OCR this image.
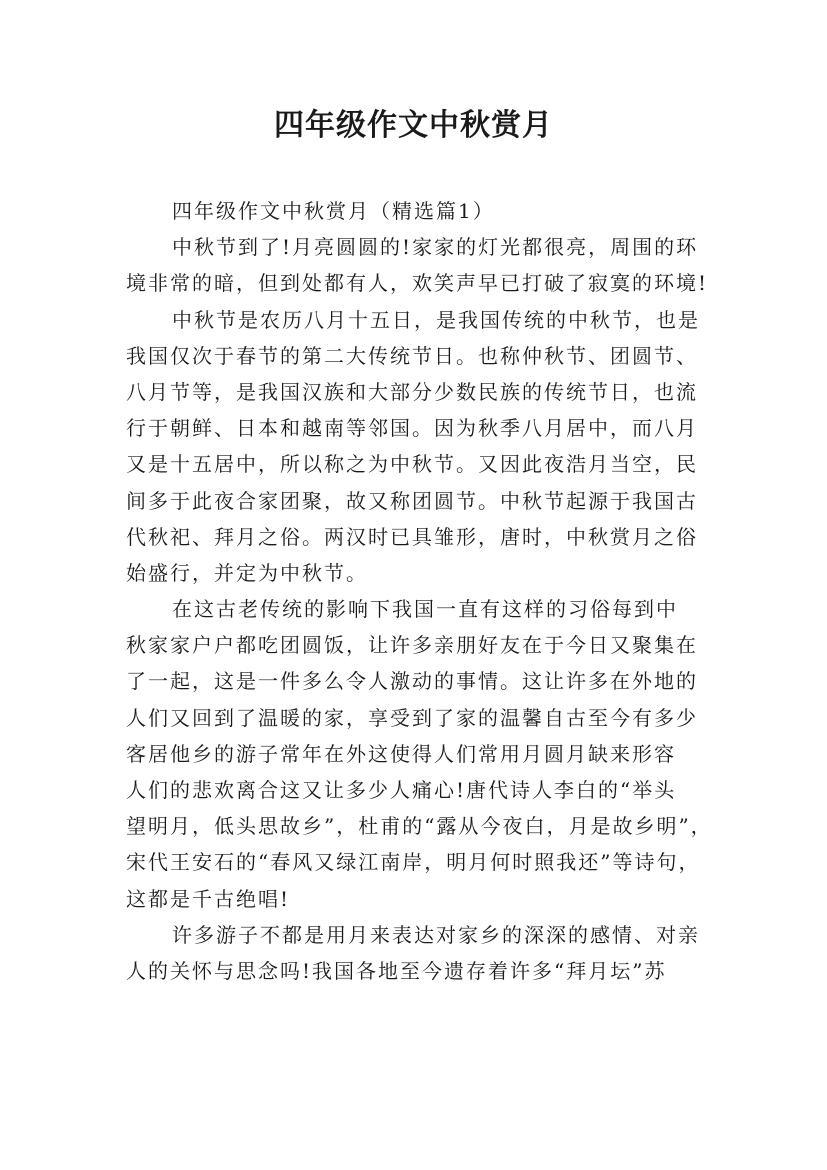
四年级作文中秋赏月
四年级作文中秋赏月（精选篇1）
中秋节到了!月亮圆圆的!家家的灯光都很亮，周围的环
境非常的暗，但到处都有人，欢笑声早已打破了寂寞的环境!
中秋节是农历八月十五日，是我国传统的中秋节，也是
我国仅次于春节的第二大传统节日。也称仲秋节、团圆节、
八月节等，是我国汉族和大部分少数民族的传统节日，也流
行于朝鲜、日本和越南等邻国。因为秋季八月居中，而八月
又是十五居中，所以称之为中秋节。又因此夜浩月当空，民
间多于此夜合家团聚，故又称团圆节。中秋节起源于我国古
代秋祀、拜月之俗。两汉时已具雏形，唐时，中秋赏月之俗
始盛行，并定为中秋节。
在这古老传统的影响下我国一直有这样的习俗每到中
秋家家户户都吃团圆饭，让许多亲朋好友在于今日又聚集在
了一起，这是一件多么令人激动的事情。这让许多在外地的
人们又回到了温暖的家，享受到了家的温馨自古至今有多少
客居他乡的游子常年在外这使得人们常用月圆月缺来形容
人们的悲欢离合这又让多少人痛心!唐代诗人李白的“举头
望明月，低头思故乡”，杜甫的“露从今夜白，月是故乡明”，
宋代王安石的“春风又绿江南岸，明月何时照我还”等诗句，
这都是千古绝唱!
许多游子不都是用月来表达对家乡的深深的感情、对亲
人的关怀与思念吗!我国各地至今遗存着许多“拜月坛”苏
